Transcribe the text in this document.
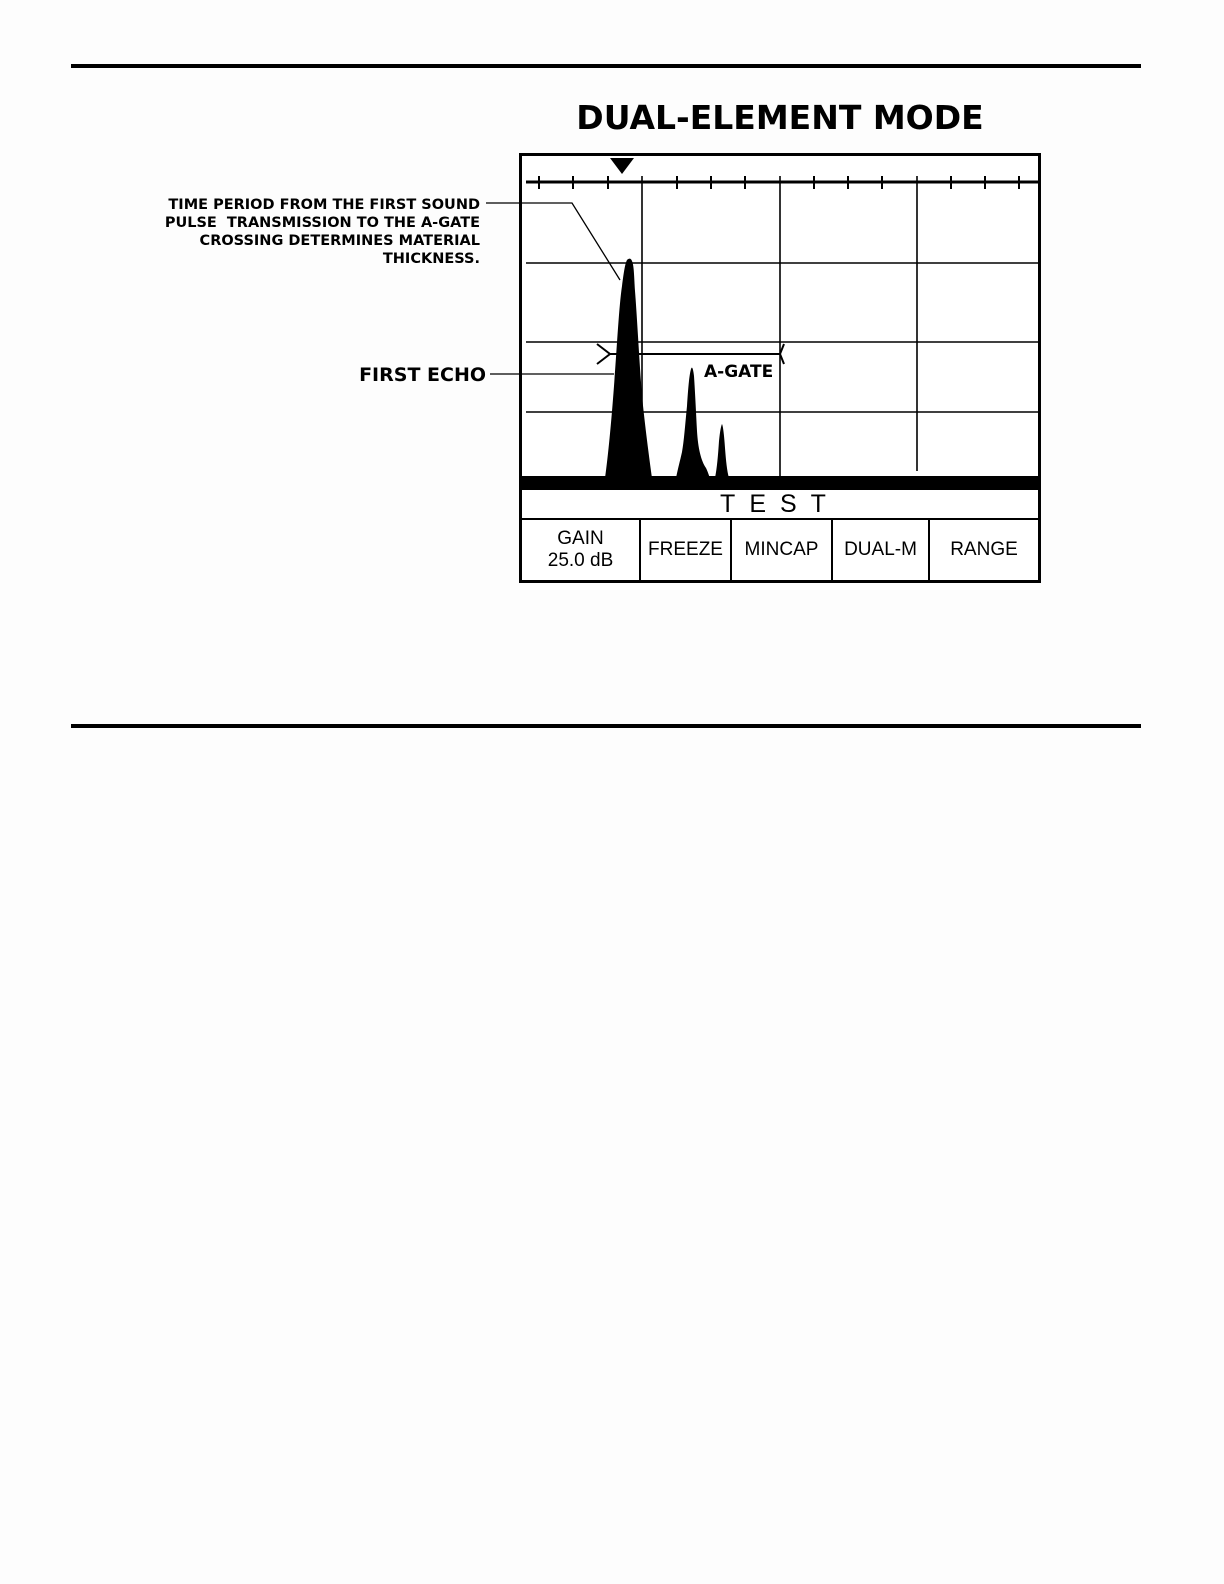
DUAL-ELEMENT MODE
TIME PERIOD FROM THE FIRST SOUND
PULSE  TRANSMISSION TO THE A-GATE
CROSSING DETERMINES MATERIAL
THICKNESS.
FIRST ECHO	A-GATE
TEST
GAIN
25.0 dB
FREEZE MINCAP DUAL-M RANGE
